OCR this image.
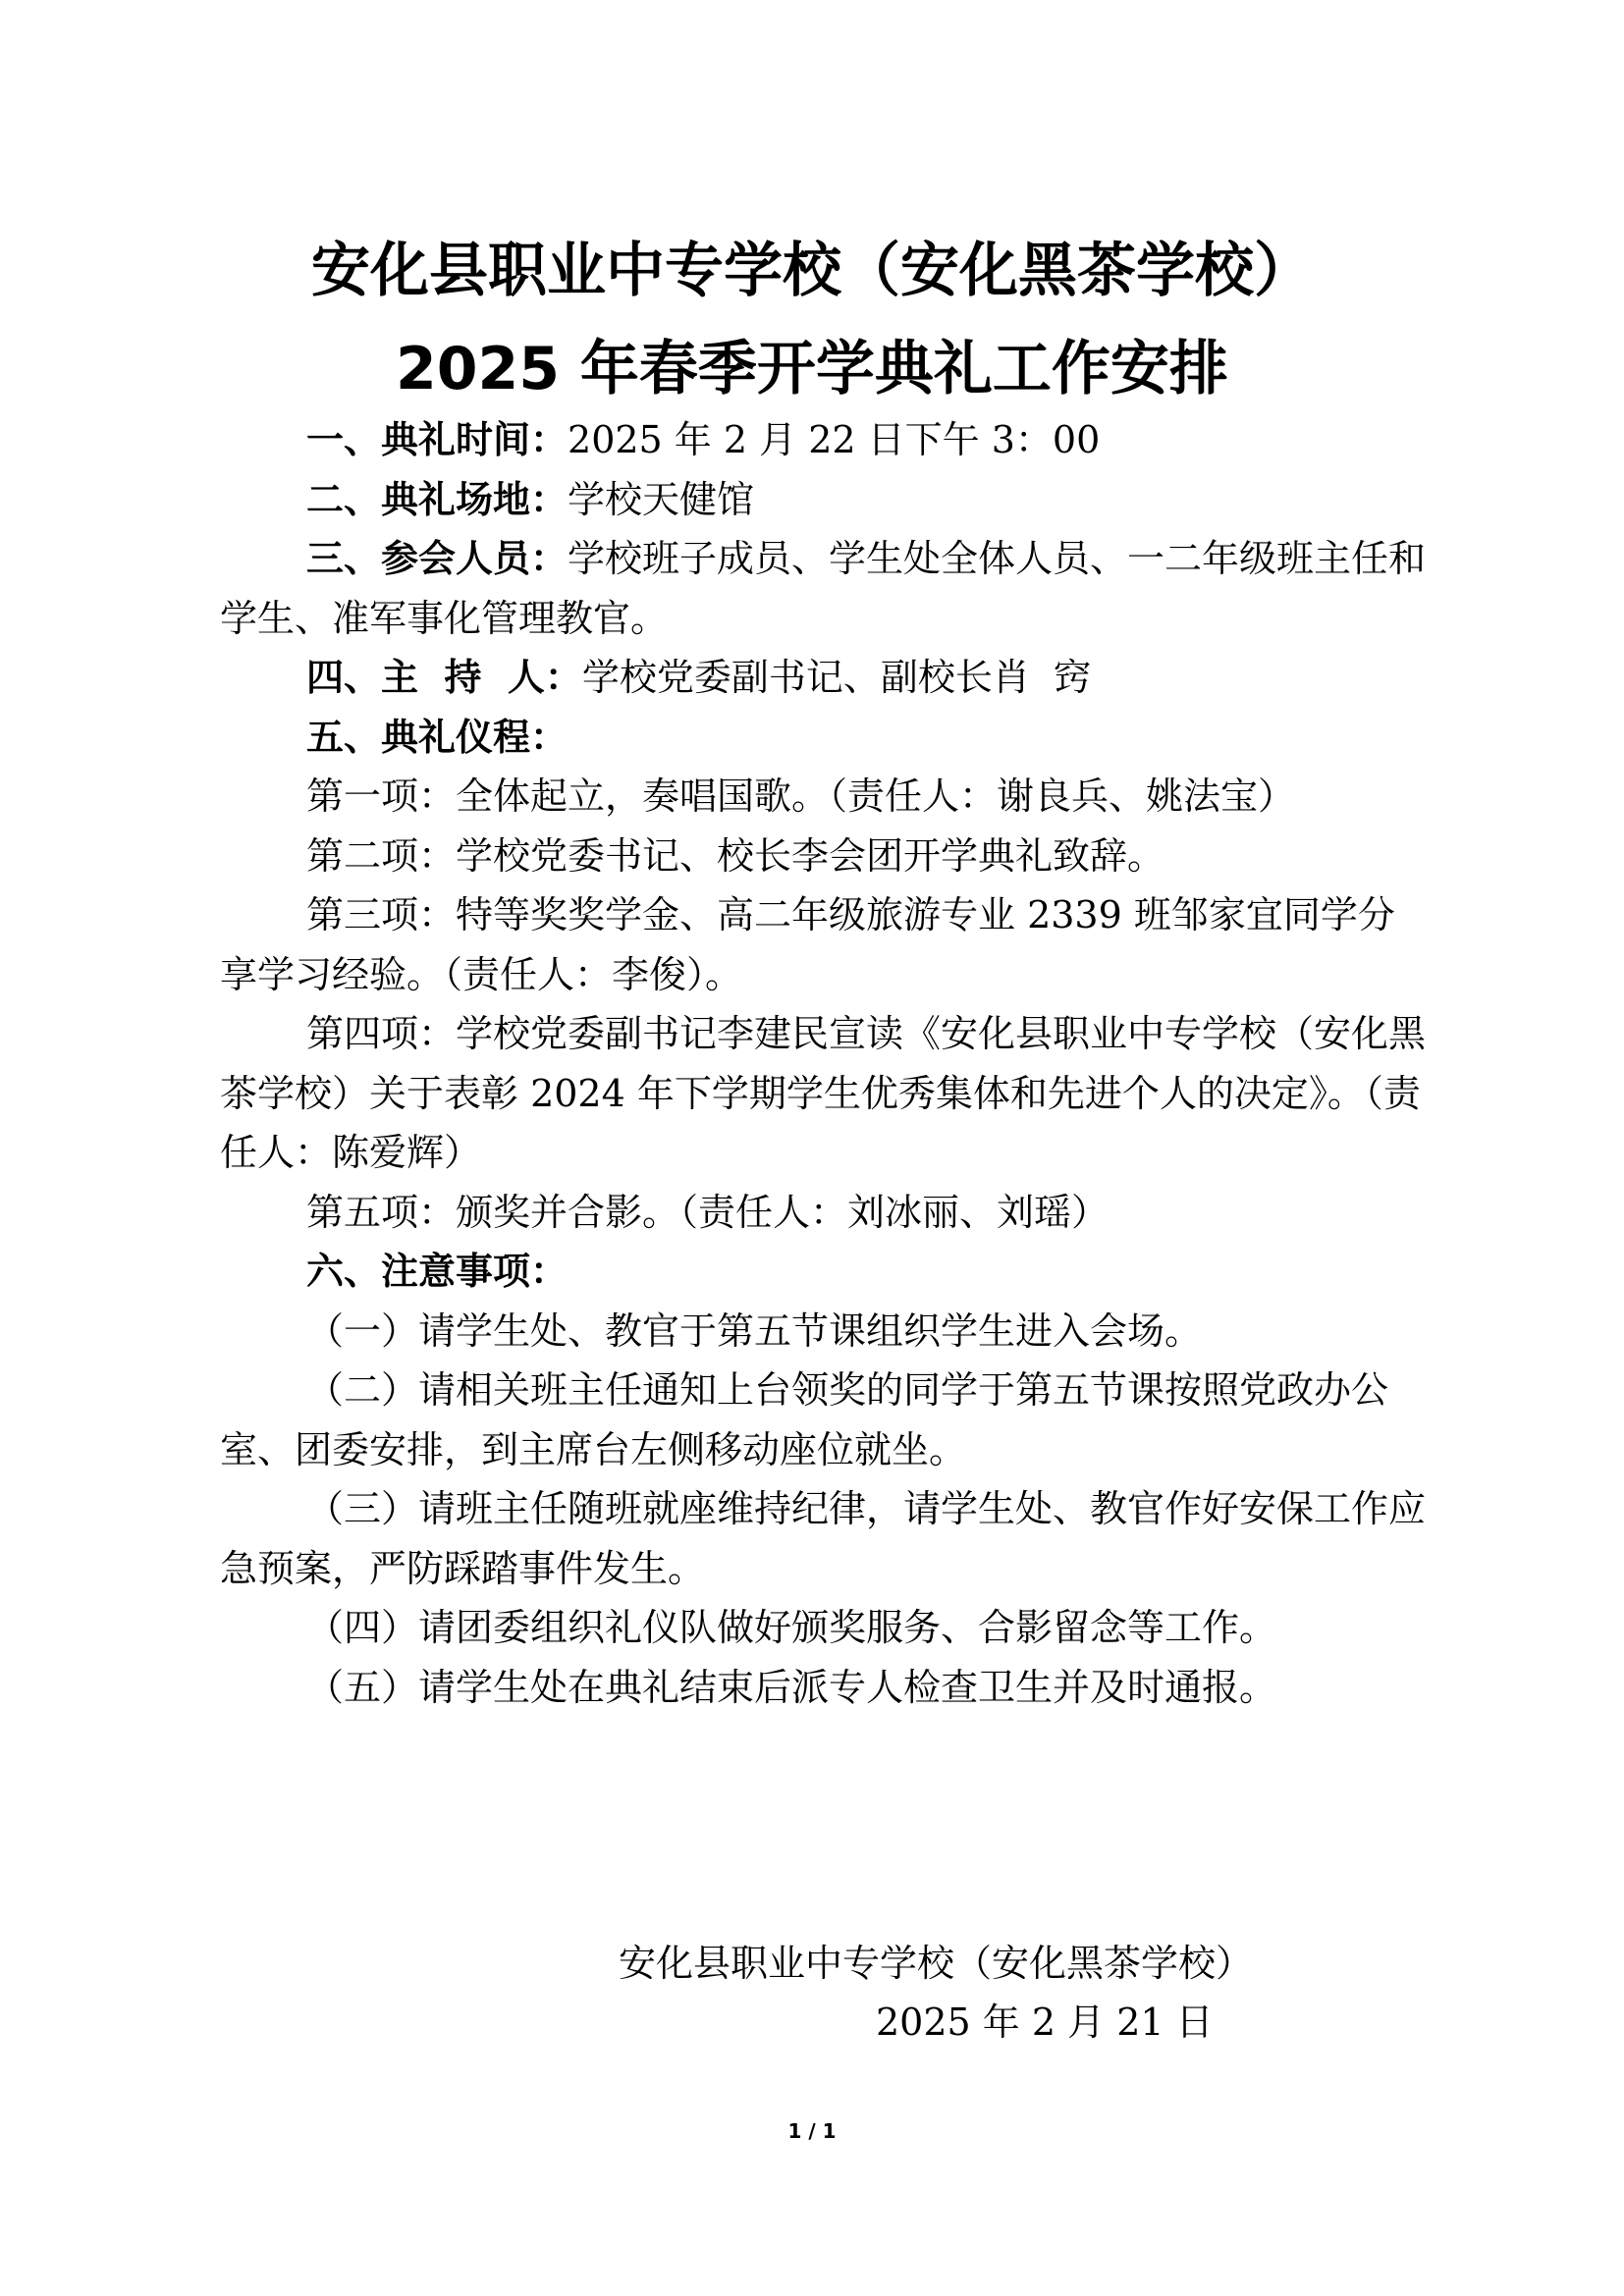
安化县职业中专学校（安化黑茶学校）
2025 年春季开学典礼工作安排

一、典礼时间：2025 年 2 月 22 日下午 3：00

二、典礼场地：学校天健馆

三、参会人员：学校班子成员、学生处全体人员、一二年级班主任和学生、准军事化管理教官。

四、主  持  人：学校党委副书记、副校长肖  窍

五、典礼仪程：

第一项：全体起立，奏唱国歌。（责任人：谢良兵、姚法宝）

第二项：学校党委书记、校长李会团开学典礼致辞。

第三项：特等奖奖学金、高二年级旅游专业 2339 班邹家宜同学分享学习经验。（责任人：李俊）。

第四项：学校党委副书记李建民宣读《安化县职业中专学校（安化黑茶学校）关于表彰 2024 年下学期学生优秀集体和先进个人的决定》。（责任人：陈爱辉）

第五项：颁奖并合影。（责任人：刘冰丽、刘瑶）

六、注意事项：

（一）请学生处、教官于第五节课组织学生进入会场。

（二）请相关班主任通知上台领奖的同学于第五节课按照党政办公室、团委安排，到主席台左侧移动座位就坐。

（三）请班主任随班就座维持纪律，请学生处、教官作好安保工作应急预案，严防踩踏事件发生。

（四）请团委组织礼仪队做好颁奖服务、合影留念等工作。

（五）请学生处在典礼结束后派专人检查卫生并及时通报。

安化县职业中专学校（安化黑茶学校）
2025 年 2 月 21 日
1 / 1
